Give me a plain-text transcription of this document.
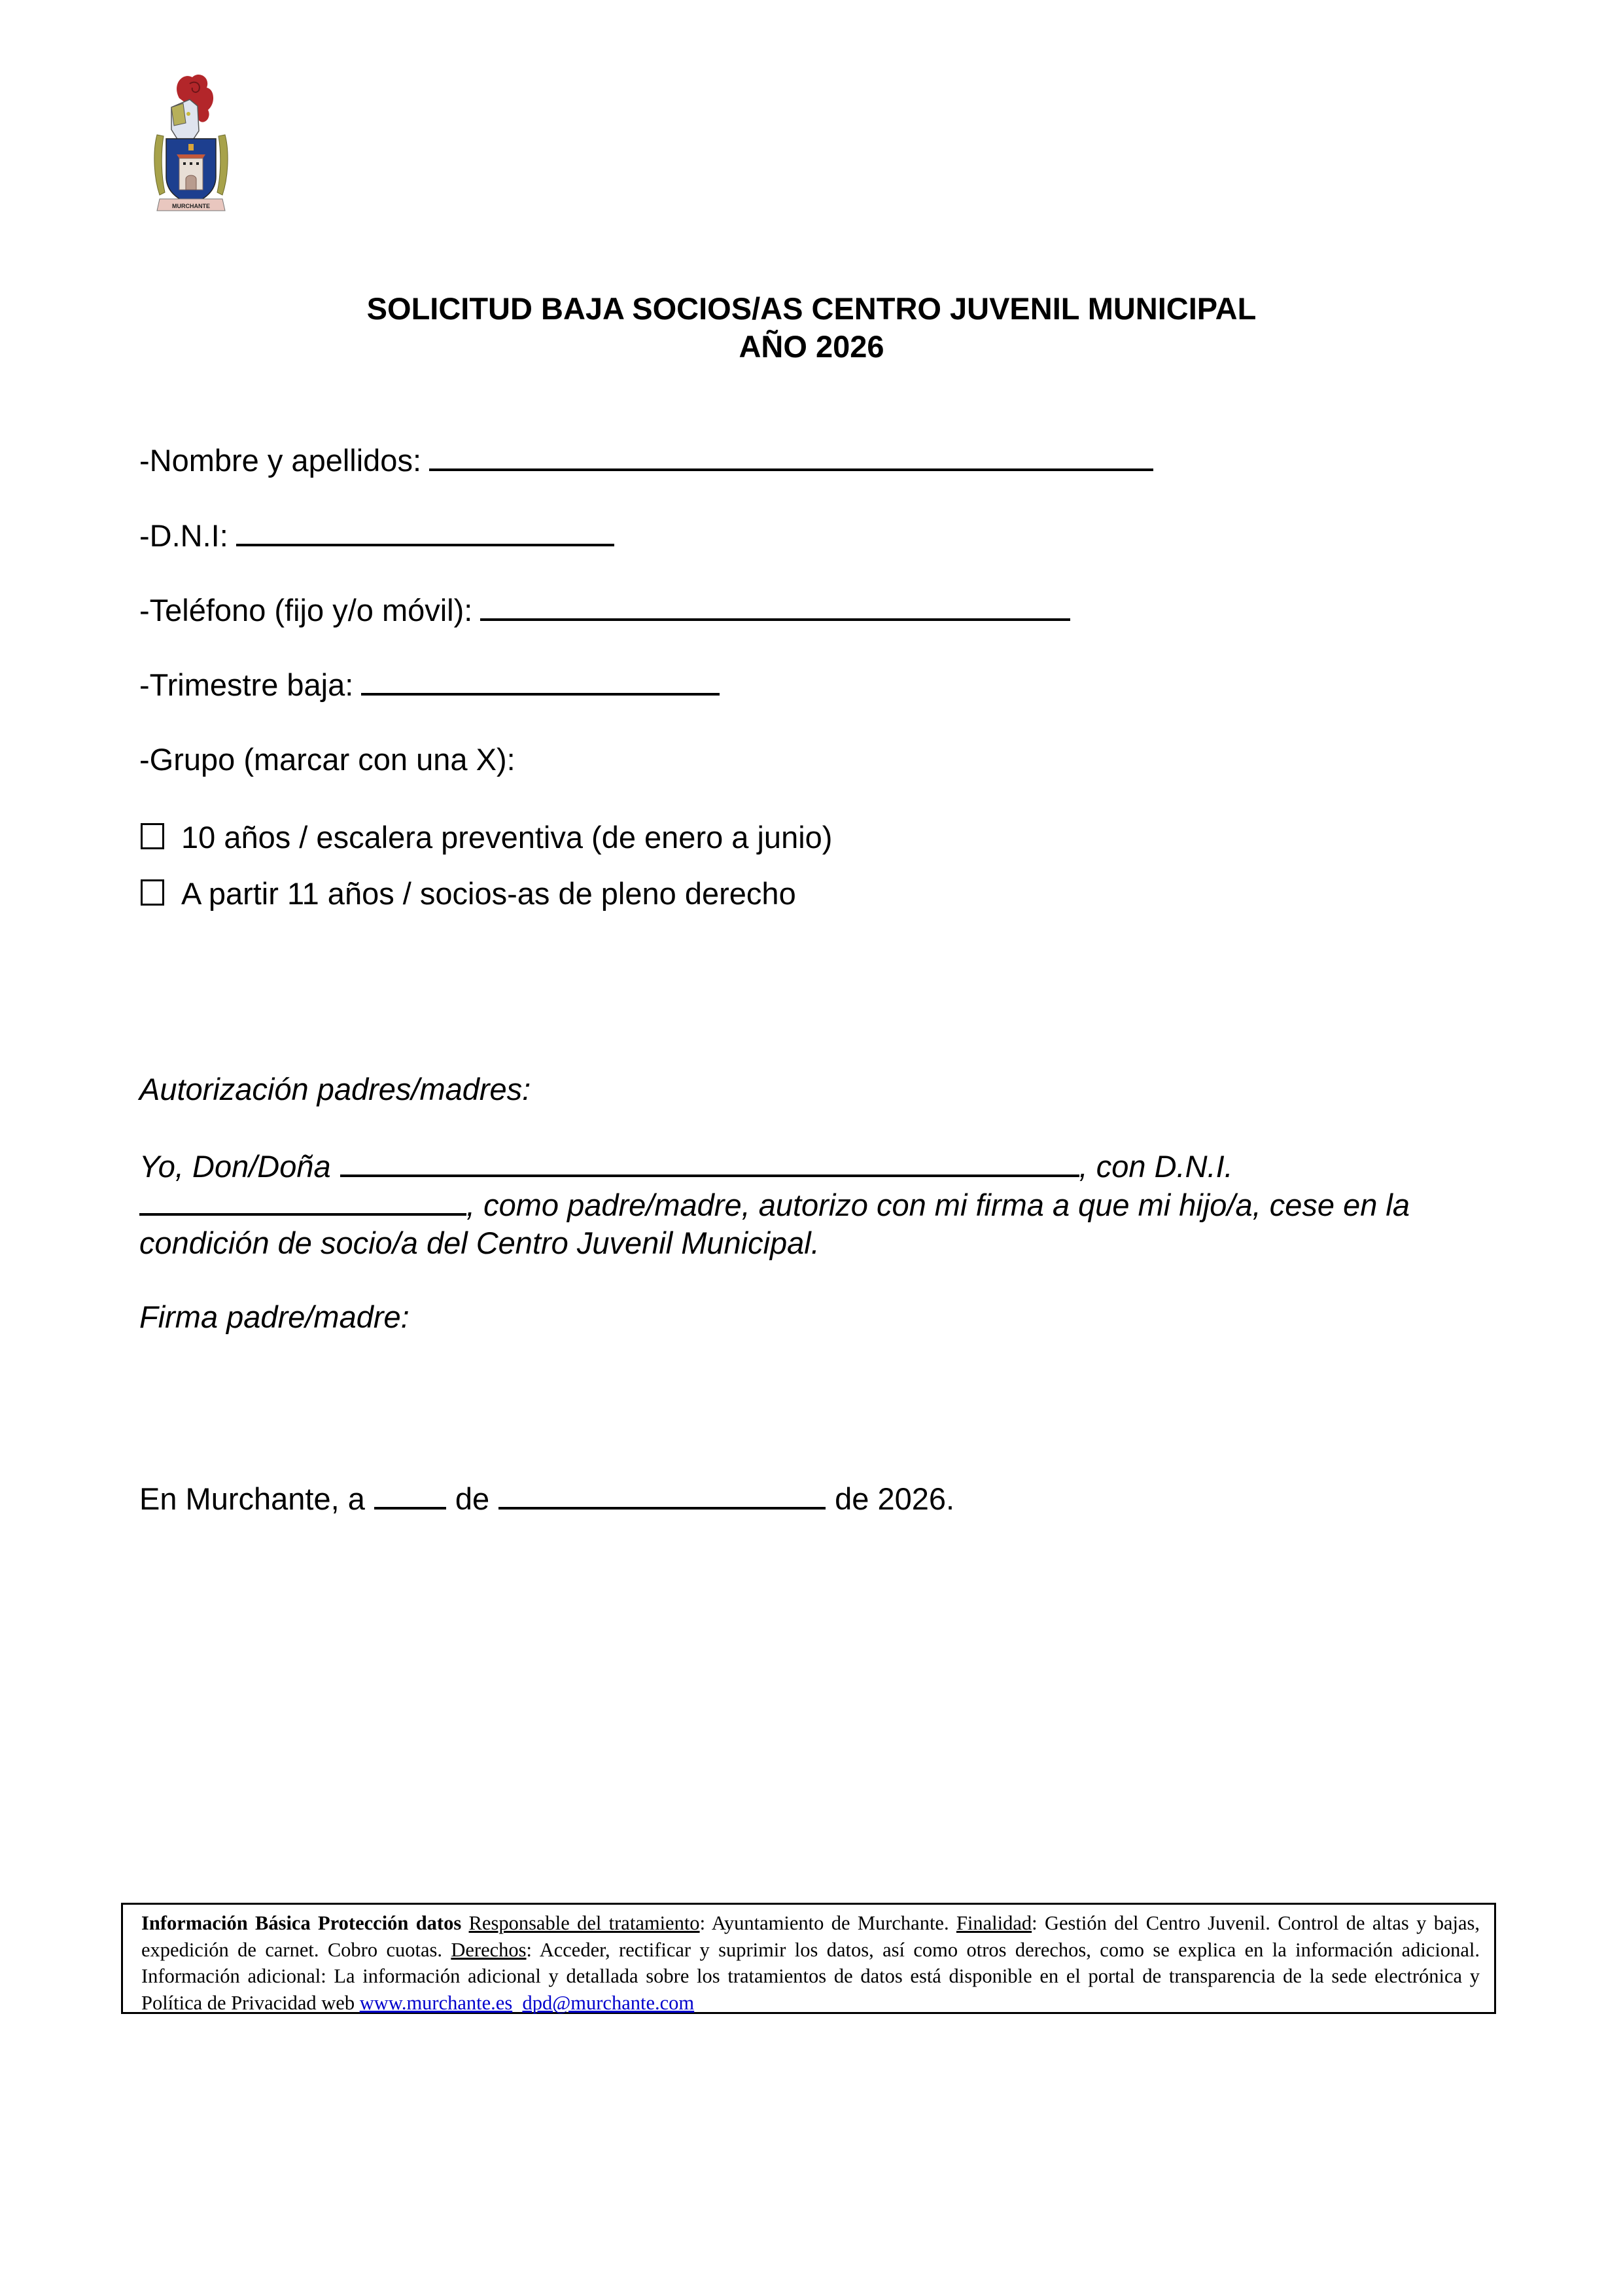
MURCHANTE
SOLICITUD BAJA SOCIOS/AS CENTRO JUVENIL MUNICIPAL
AÑO 2026
-Nombre y apellidos:
-D.N.I:
-Teléfono (fijo y/o móvil):
-Trimestre baja:
-Grupo (marcar con una X):
10 años / escalera preventiva (de enero a junio)
A partir 11 años / socios-as de pleno derecho
Autorización padres/madres:
Yo, Don/Doña	, con D.N.I.
, como padre/madre, autorizo con mi firma a que mi hijo/a, cese en la
condición de socio/a del Centro Juvenil Municipal.
Firma padre/madre:
En Murchante, a	de	de 2026.
Información Básica Protección datos Responsable del tratamiento: Ayuntamiento de Murchante. Finalidad: Gestión del Centro Juvenil. Control de altas y bajas, expedición de carnet. Cobro cuotas. Derechos: Acceder, rectificar y suprimir los datos, así como otros derechos, como se explica en la información adicional. Información adicional: La información adicional y detallada sobre los tratamientos de datos está disponible en el portal de transparencia de la sede electrónica y Política de Privacidad web www.murchante.es dpd@murchante.com
